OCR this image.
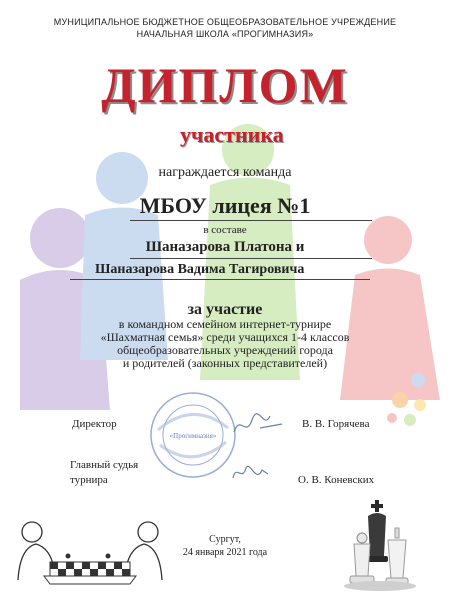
МУНИЦИПАЛЬНОЕ БЮДЖЕТНОЕ ОБЩЕОБРАЗОВАТЕЛЬНОЕ УЧРЕЖДЕНИЕ
НАЧАЛЬНАЯ ШКОЛА «ПРОГИМНАЗИЯ»
ДИПЛОМ
участника
награждается команда
МБОУ лицея №1
в составе
Шаназарова Платона и
Шаназарова Вадима Тагировича
за участие
в командном семейном интернет-турнире
«Шахматная семья» среди учащихся 1-4 классов
общеобразовательных учреждений города
и родителей (законных представителей)
«Прогимназия»
Директор	В. В. Горячева
Главный судья
турнира	О. В. Коневских
Сургут,
24 января 2021 года
